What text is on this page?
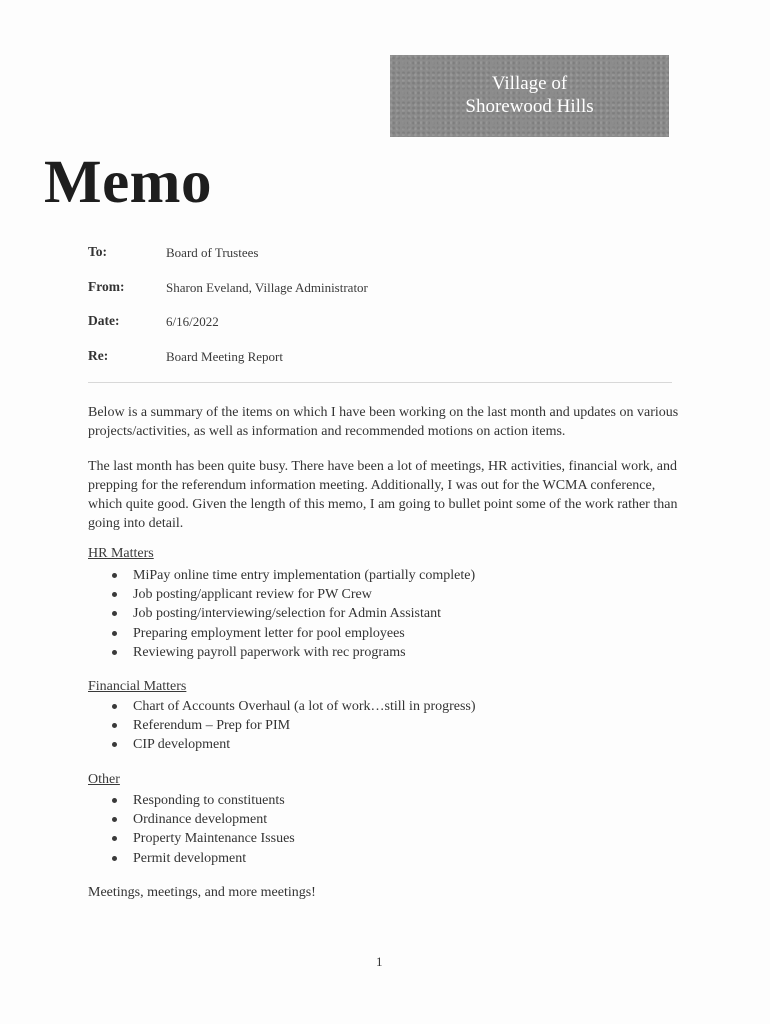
Village of
Shorewood Hills
Memo
To:	Board of Trustees
From:	Sharon Eveland, Village Administrator
Date:	6/16/2022
Re:	Board Meeting Report
Below is a summary of the items on which I have been working on the last month and updates on various projects/activities, as well as information and recommended motions on action items.
The last month has been quite busy. There have been a lot of meetings, HR activities, financial work, and prepping for the referendum information meeting. Additionally, I was out for the WCMA conference, which quite good. Given the length of this memo, I am going to bullet point some of the work rather than going into detail.
HR Matters
MiPay online time entry implementation (partially complete)
Job posting/applicant review for PW Crew
Job posting/interviewing/selection for Admin Assistant
Preparing employment letter for pool employees
Reviewing payroll paperwork with rec programs
Financial Matters
Chart of Accounts Overhaul (a lot of work…still in progress)
Referendum – Prep for PIM
CIP development
Other
Responding to constituents
Ordinance development
Property Maintenance Issues
Permit development
Meetings, meetings, and more meetings!
1
